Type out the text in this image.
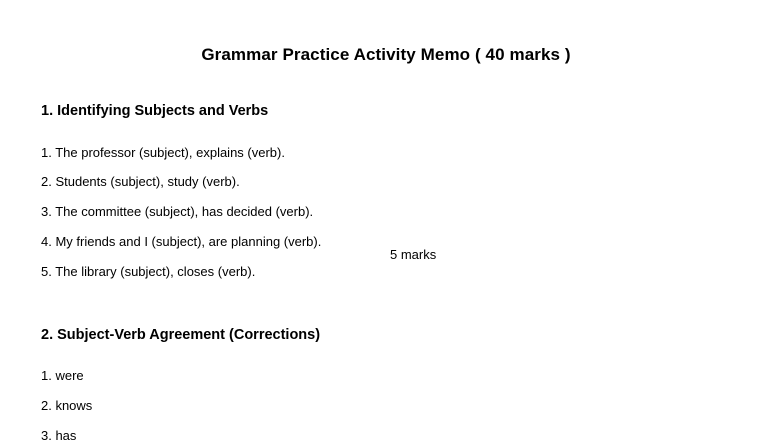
Grammar Practice Activity Memo ( 40 marks )
1. Identifying Subjects and Verbs
1. The professor (subject), explains (verb).
2. Students (subject), study (verb).
3. The committee (subject), has decided (verb).
4. My friends and I (subject), are planning (verb).
5. The library (subject), closes (verb).
5 marks
2. Subject-Verb Agreement (Corrections)
1. were
2. knows
3. has
